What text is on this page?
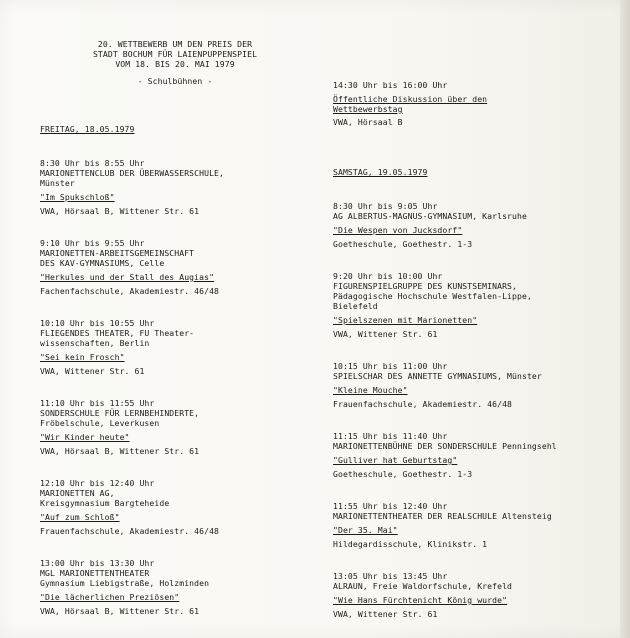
20. WETTBEWERB UM DEN PREIS DER
STADT BOCHUM FÜR LAIENPUPPENSPIEL
VOM 18. BIS 20. MAI 1979
- Schulbühnen -
FREITAG, 18.05.1979
8:30 Uhr bis 8:55 Uhr
MARIONETTENCLUB DER ÜBERWASSERSCHULE,
Münster
"Im Spukschloß"
VWA, Hörsaal B, Wittener Str. 61
9:10 Uhr bis 9:55 Uhr
MARIONETTEN-ARBEITSGEMEINSCHAFT
DES KAV-GYMNASIUMS, Celle
"Herkules und der Stall des Augias"
Fachenfachschule, Akademiestr. 46/48
10:10 Uhr bis 10:55 Uhr
FLIEGENDES THEATER, FU Theater-
wissenschaften, Berlin
"Sei kein Frosch"
VWA, Wittener Str. 61
11:10 Uhr bis 11:55 Uhr
SONDERSCHULE FÜR LERNBEHINDERTE,
Fröbelschule, Leverkusen
"Wir Kinder heute"
VWA, Hörsaal B, Wittener Str. 61
12:10 Uhr bis 12:40 Uhr
MARIONETTEN AG,
Kreisgymnasium Bargteheide
"Auf zum Schloß"
Frauenfachschule, Akademiestr. 46/48
13:00 Uhr bis 13:30 Uhr
MGL MARIONETTENTHEATER
Gymnasium Liebigstraße, Holzminden
"Die lächerlichen Preziösen"
VWA, Hörsaal B, Wittener Str. 61
14:30 Uhr bis 16:00 Uhr
Öffentliche Diskussion über den
Wettbewerbstag
VWA, Hörsaal B
SAMSTAG, 19.05.1979
8:30 Uhr bis 9:05 Uhr
AG ALBERTUS-MAGNUS-GYMNASIUM, Karlsruhe
"Die Wespen von Jucksdorf"
Goetheschule, Goethestr. 1-3
9:20 Uhr bis 10:00 Uhr
FIGURENSPIELGRUPPE DES KUNSTSEMINARS,
Pädagogische Hochschule Westfalen-Lippe,
Bielefeld
"Spielszenen mit Marionetten"
VWA, Wittener Str. 61
10:15 Uhr bis 11:00 Uhr
SPIELSCHAR DES ANNETTE GYMNASIUMS, Münster
"Kleine Mouche"
Frauenfachschule, Akademiestr. 46/48
11:15 Uhr bis 11:40 Uhr
MARIONETTENBÜHNE DER SONDERSCHULE Penningsehl
"Gulliver hat Geburtstag"
Goetheschule, Goethestr. 1-3
11:55 Uhr bis 12:40 Uhr
MARIONETTENTHEATER DER REALSCHULE Altensteig
"Der 35. Mai"
Hildegardisschule, Klinikstr. 1
13:05 Uhr bis 13:45 Uhr
ALRAUN, Freie Waldorfschule, Krefeld
"Wie Hans Fürchtenicht König wurde"
VWA, Wittener Str. 61
